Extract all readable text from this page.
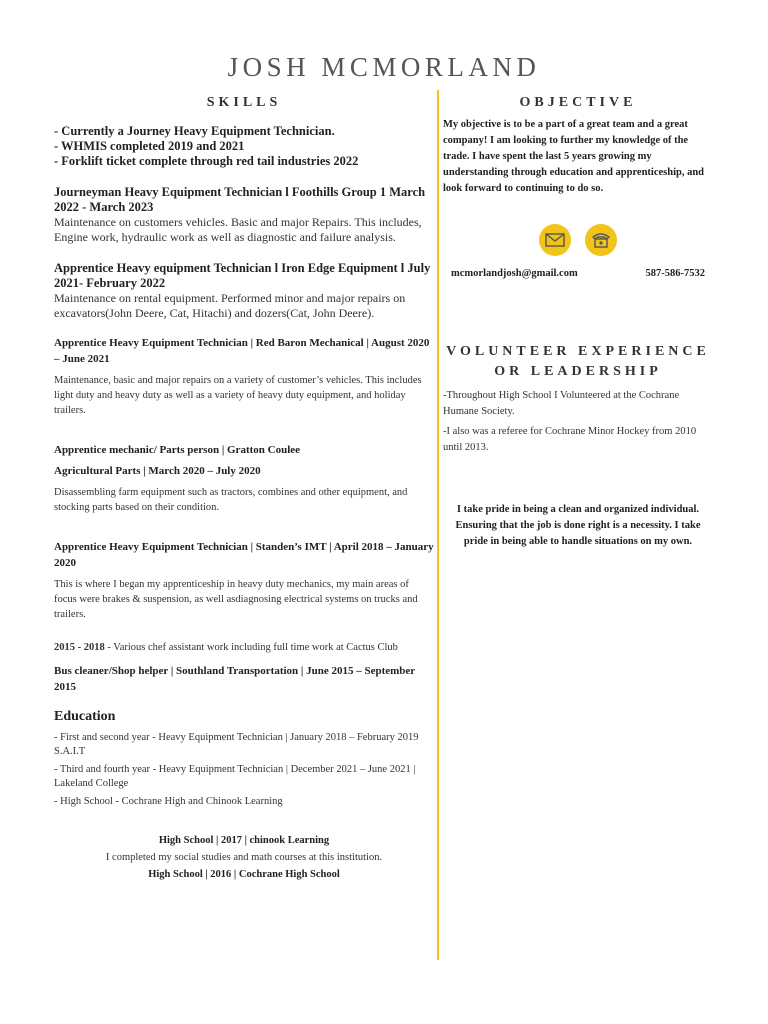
JOSH MCMORLAND
SKILLS
- Currently a Journey Heavy Equipment Technician.
- WHMIS completed 2019 and 2021
- Forklift ticket complete through red tail industries 2022
Journeyman Heavy Equipment Technician l Foothills Group 1 March 2022 - March 2023
Maintenance on customers vehicles. Basic and major Repairs. This includes, Engine work, hydraulic work as well as diagnostic and failure analysis.
Apprentice Heavy equipment Technician l Iron Edge Equipment l July 2021- February 2022
Maintenance on rental equipment. Performed minor and major repairs on excavators(John Deere, Cat, Hitachi) and dozers(Cat, John Deere).
Apprentice Heavy Equipment Technician | Red Baron Mechanical | August 2020 – June 2021
Maintenance, basic and major repairs on a variety of customer’s vehicles. This includes light duty and heavy duty as well as a variety of heavy duty equipment, and holiday trailers.
Apprentice mechanic/ Parts person | Gratton Coulee
Agricultural Parts | March 2020 – July 2020
Disassembling farm equipment such as tractors, combines and other equipment, and stocking parts based on their condition.
Apprentice Heavy Equipment Technician | Standen’s IMT | April 2018 – January 2020
This is where I began my apprenticeship in heavy duty mechanics, my main areas of focus were brakes & suspension, as well asdiagnosing electrical systems on trucks and trailers.
2015 - 2018 - Various chef assistant work including full time work at Cactus Club
Bus cleaner/Shop helper | Southland Transportation | June 2015 – September 2015
Education
- First and second year - Heavy Equipment Technician | January 2018 – February 2019 S.A.I.T
- Third and fourth year - Heavy Equipment Technician | December 2021 – June 2021 | Lakeland College
- High School - Cochrane High and Chinook Learning
High School | 2017 | chinook Learning
I completed my social studies and math courses at this institution.
High School | 2016 | Cochrane High School
OBJECTIVE
My objective is to be a part of a great team and a great company! I am looking to further my knowledge of the trade. I have spent the last 5 years growing my understanding through education and apprenticeship, and look forward to continuing to do so.
mcmorlandjosh@gmail.com	587-586-7532
VOLUNTEER EXPERIENCE OR LEADERSHIP
-Throughout High School I Volunteered at the Cochrane Humane Society.
-I also was a referee for Cochrane Minor Hockey from 2010 until 2013.
I take pride in being a clean and organized individual. Ensuring that the job is done right is a necessity. I take pride in being able to handle situations on my own.
